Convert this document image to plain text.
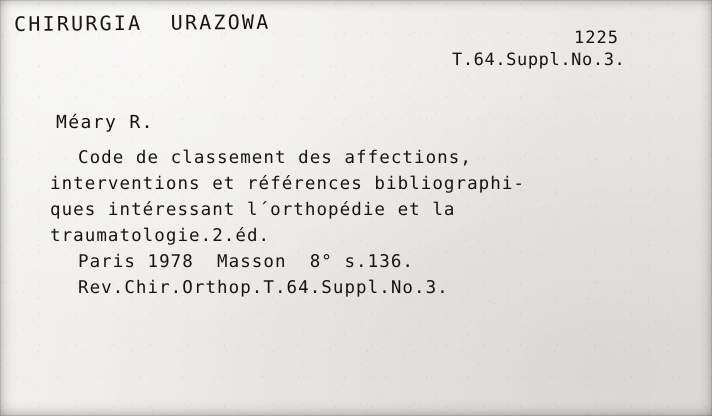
CHIRURGIA  URAZOWA
1225
T.64.Suppl.No.3.
Méary R.
Code de classement des affections,
interventions et références bibliographi-
ques intéressant l´orthopédie et la
traumatologie.2.éd.
Paris 1978  Masson  8° s.136.
Rev.Chir.Orthop.T.64.Suppl.No.3.
